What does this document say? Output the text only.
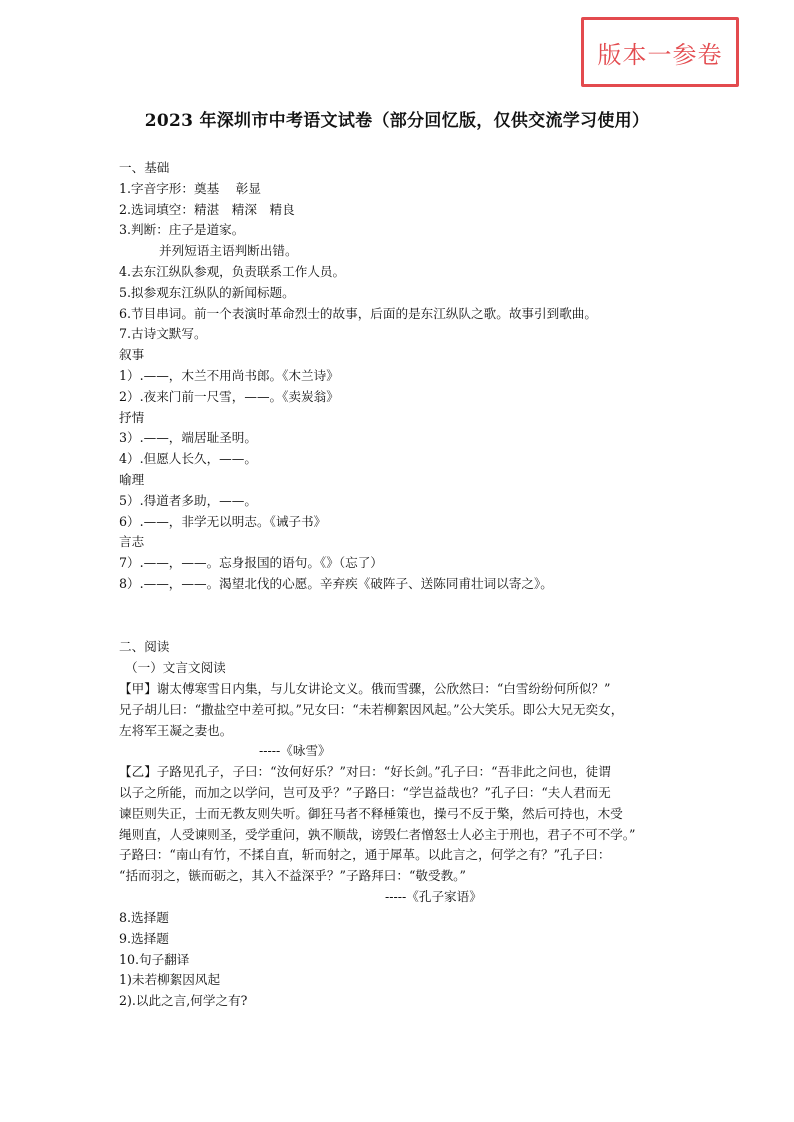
版本一参卷
2023 年深圳市中考语文试卷（部分回忆版，仅供交流学习使用）
一、基础
1.字音字形：奠基　 彰显
2.选词填空：精湛　精深　精良
3.判断：庄子是道家。
并列短语主语判断出错。
4.去东江纵队参观，负责联系工作人员。
5.拟参观东江纵队的新闻标题。
6.节目串词。前一个表演时革命烈士的故事，后面的是东江纵队之歌。故事引到歌曲。
7.古诗文默写。
叙事
1）.——，木兰不用尚书郎。《木兰诗》
2）.夜来门前一尺雪，——。《卖炭翁》
抒情
3）.——，端居耻圣明。
4）.但愿人长久，——。
喻理
5）.得道者多助，——。
6）.——，非学无以明志。《诫子书》
言志
7）.——，——。忘身报国的语句。《》（忘了）
8）.——，——。渴望北伐的心愿。辛弃疾《破阵子、送陈同甫壮词以寄之》。
二、阅读
（一）文言文阅读
【甲】谢太傅寒雪日内集，与儿女讲论文义。俄而雪骤，公欣然曰：“白雪纷纷何所似？”
兄子胡儿曰：“撒盐空中差可拟。”兄女曰：“未若柳絮因风起。”公大笑乐。即公大兄无奕女，
左将军王凝之妻也。
-----《咏雪》
【乙】子路见孔子，子曰：“汝何好乐？”对曰：“好长剑。”孔子曰：“吾非此之问也，徒谓
以子之所能，而加之以学问，岂可及乎？”子路曰：“学岂益哉也？”孔子曰：“夫人君而无
谏臣则失正，士而无教友则失听。御狂马者不释棰策也，操弓不反于檠，然后可持也，木受
绳则直，人受谏则圣，受学重问，孰不顺哉，谤毁仁者憎怒士人必主于刑也，君子不可不学。”
子路曰：“南山有竹，不揉自直，斩而射之，通于犀革。以此言之，何学之有？”孔子曰：
“括而羽之，镞而砺之，其入不益深乎？”子路拜曰：“敬受教。”
-----《孔子家语》
8.选择题
9.选择题
10.句子翻译
1)未若柳絮因风起
2).以此之言,何学之有?
